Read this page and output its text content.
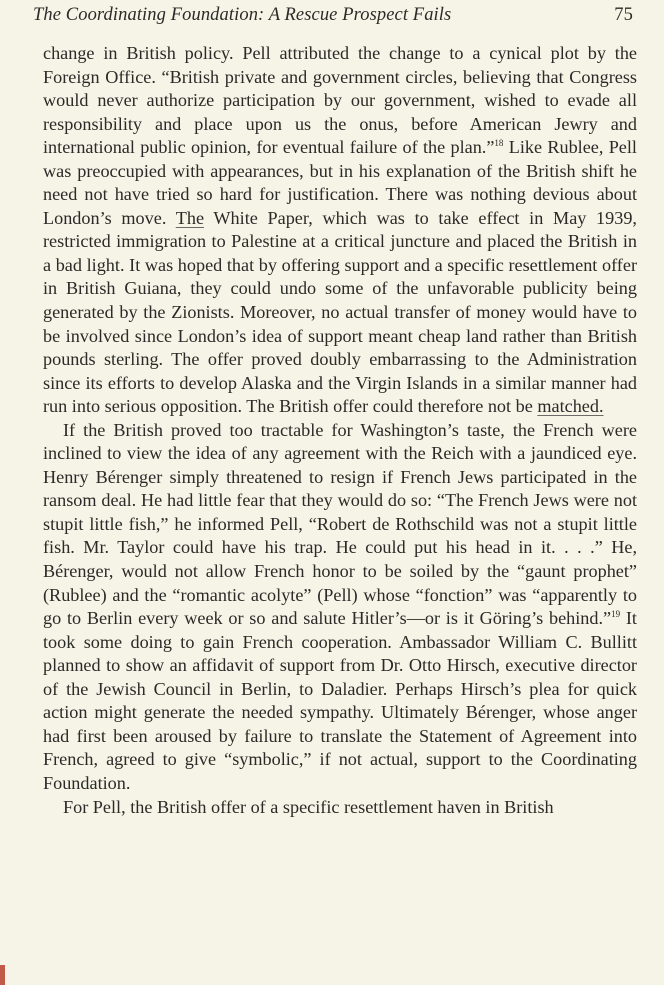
The Coordinating Foundation: A Rescue Prospect Fails	75

change in British policy. Pell attributed the change to a cynical plot by the Foreign Office. “British private and government circles, believing that Congress would never authorize participation by our government, wished to evade all responsibility and place upon us the onus, before American Jewry and international public opinion, for eventual failure of the plan.”$^{18}$ Like Rublee, Pell was preoccupied with appearances, but in his explanation of the British shift he need not have tried so hard for justification. There was nothing devious about London’s move. The White Paper, which was to take effect in May 1939, restricted immigration to Palestine at a critical juncture and placed the British in a bad light. It was hoped that by offering support and a specific resettlement offer in British Guiana, they could undo some of the unfavorable publicity being generated by the Zionists. Moreover, no actual transfer of money would have to be involved since London’s idea of support meant cheap land rather than British pounds sterling. The offer proved doubly embarrassing to the Administration since its efforts to develop Alaska and the Virgin Islands in a similar manner had run into serious opposition. The British offer could therefore not be matched.

If the British proved too tractable for Washington’s taste, the French were inclined to view the idea of any agreement with the Reich with a jaundiced eye. Henry Bérenger simply threatened to resign if French Jews participated in the ransom deal. He had little fear that they would do so: “The French Jews were not stupit little fish,” he informed Pell, “Robert de Rothschild was not a stupit little fish. Mr. Taylor could have his trap. He could put his head in it. . . .” He, Bérenger, would not allow French honor to be soiled by the “gaunt prophet” (Rublee) and the “romantic acolyte” (Pell) whose “fonction” was “apparently to go to Berlin every week or so and salute Hitler’s—or is it Göring’s behind.”$^{19}$ It took some doing to gain French cooperation. Ambassador William C. Bullitt planned to show an affidavit of support from Dr. Otto Hirsch, executive director of the Jewish Council in Berlin, to Daladier. Perhaps Hirsch’s plea for quick action might generate the needed sympathy. Ultimately Bérenger, whose anger had first been aroused by failure to translate the Statement of Agreement into French, agreed to give “symbolic,” if not actual, support to the Coordinating Foundation.

For Pell, the British offer of a specific resettlement haven in British
